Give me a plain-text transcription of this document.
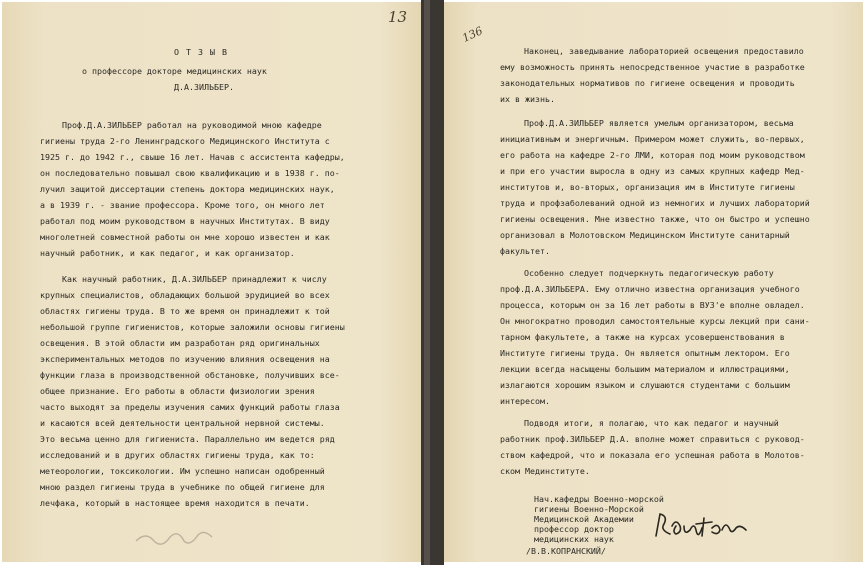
13
О Т З Ы В
о профессоре докторе медицинских наук
Д.А.ЗИЛЬБЕР.
Проф.Д.А.ЗИЛЬБЕР работал на руководимой мною кафедре
гигиены труда 2-го Ленинградского Медицинского Института с
1925 г. до 1942 г., свыше 16 лет. Начав с ассистента кафедры,
он последовательно повышал свою квалификацию и в 1938 г. по-
лучил защитой диссертации степень доктора медицинских наук,
а в 1939 г. - звание профессора. Кроме того, он много лет
работал под моим руководством в научных Институтах. В виду
многолетней совместной работы он мне хорошо известен и как
научный работник, и как педагог, и как организатор.
Как научный работник, Д.А.ЗИЛЬБЕР принадлежит к числу
крупных специалистов, обладающих большой эрудицией во всех
областях гигиены труда. В то же время он принадлежит к той
небольшой группе гигиенистов, которые заложили основы гигиены
освещения. В этой области им разработан ряд оригинальных
экспериментальных методов по изучению влияния освещения на
функции глаза в производственной обстановке, получивших все-
общее признание. Его работы в области физиологии зрения
часто выходят за пределы изучения самих функций работы глаза
и касаются всей деятельности центральной нервной системы.
Это весьма ценно для гигиениста. Параллельно им ведется ряд
исследований и в других областях гигиены труда, как то:
метеорологии, токсикологии. Им успешно написан одобренный
мною раздел гигиены труда в учебнике по общей гигиене для
лечфака, который в настоящее время находится в печати.
136
Наконец, заведывание лабораторией освещения предоставило
ему возможность принять непосредственное участие в разработке
законодательных нормативов по гигиене освещения и проводить
их в жизнь.
Проф.Д.А.ЗИЛЬБЕР является умелым организатором, весьма
инициативным и энергичным. Примером может служить, во-первых,
его работа на кафедре 2-го ЛМИ, которая под моим руководством
и при его участии выросла в одну из самых крупных кафедр Мед-
институтов и, во-вторых, организация им в Институте гигиены
труда и профзаболеваний одной из немногих и лучших лабораторий
гигиены освещения. Мне известно также, что он быстро и успешно
организовал в Молотовском Медицинском Институте санитарный
факультет.
Особенно следует подчеркнуть педагогическую работу
проф.Д.А.ЗИЛЬБЕРА. Ему отлично известна организация учебного
процесса, которым он за 16 лет работы в ВУЗ'е вполне овладел.
Он многократно проводил самостоятельные курсы лекций при сани-
тарном факультете, а также на курсах усовершенствования в
Институте гигиены труда. Он является опытным лектором. Его
лекции всегда насыщены большим материалом и иллюстрациями,
излагаются хорошим языком и слушаются студентами с большим
интересом.
Подводя итоги, я полагаю, что как педагог и научный
работник проф.ЗИЛЬБЕР Д.А. вполне может справиться с руковод-
ством кафедрой, что и показала его успешная работа в Молотов-
ском Мединституте.
Нач.кафедры Военно-морской
гигиены Военно-Морской
Медицинской Академии
профессор доктор
медицинских наук
/В.В.КОПРАНСКИЙ/
